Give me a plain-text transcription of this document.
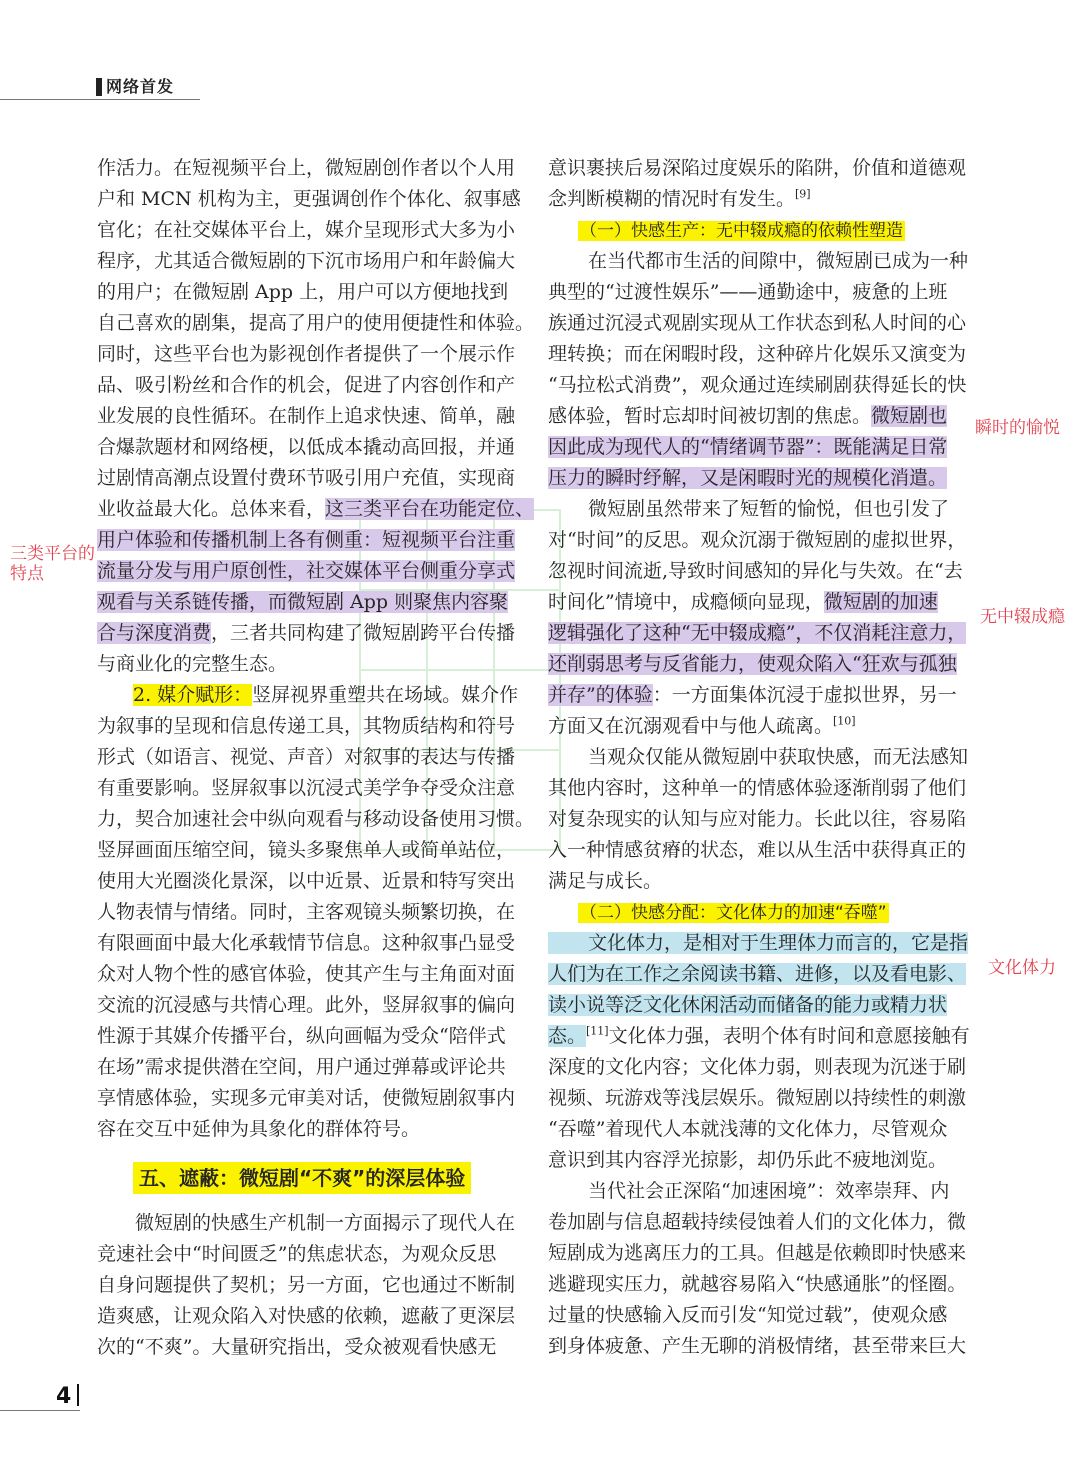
网络首发
作活力。在短视频平台上，微短剧创作者以个人用
户和 MCN 机构为主，更强调创作个体化、叙事感
官化；在社交媒体平台上，媒介呈现形式大多为小
程序，尤其适合微短剧的下沉市场用户和年龄偏大
的用户；在微短剧 App 上，用户可以方便地找到
自己喜欢的剧集，提高了用户的使用便捷性和体验。
同时，这些平台也为影视创作者提供了一个展示作
品、吸引粉丝和合作的机会，促进了内容创作和产
业发展的良性循环。在制作上追求快速、简单，融
合爆款题材和网络梗，以低成本撬动高回报，并通
过剧情高潮点设置付费环节吸引用户充值，实现商
业收益最大化。总体来看，这三类平台在功能定位、
用户体验和传播机制上各有侧重：短视频平台注重
流量分发与用户原创性，社交媒体平台侧重分享式
观看与关系链传播，而微短剧 App 则聚焦内容聚
合与深度消费，三者共同构建了微短剧跨平台传播
与商业化的完整生态。
2. 媒介赋形：竖屏视界重塑共在场域。媒介作
为叙事的呈现和信息传递工具，其物质结构和符号
形式（如语言、视觉、声音）对叙事的表达与传播
有重要影响。竖屏叙事以沉浸式美学争夺受众注意
力，契合加速社会中纵向观看与移动设备使用习惯。
竖屏画面压缩空间，镜头多聚焦单人或简单站位，
使用大光圈淡化景深，以中近景、近景和特写突出
人物表情与情绪。同时，主客观镜头频繁切换，在
有限画面中最大化承载情节信息。这种叙事凸显受
众对人物个性的感官体验，使其产生与主角面对面
交流的沉浸感与共情心理。此外，竖屏叙事的偏向
性源于其媒介传播平台，纵向画幅为受众“陪伴式
在场”需求提供潜在空间，用户通过弹幕或评论共
享情感体验，实现多元审美对话，使微短剧叙事内
容在交互中延伸为具象化的群体符号。
微短剧的快感生产机制一方面揭示了现代人在
竞速社会中“时间匮乏”的焦虑状态，为观众反思
自身问题提供了契机；另一方面，它也通过不断制
造爽感，让观众陷入对快感的依赖，遮蔽了更深层
次的“不爽”。大量研究指出，受众被观看快感无
五、遮蔽：微短剧“不爽”的深层体验
意识裹挟后易深陷过度娱乐的陷阱，价值和道德观
念判断模糊的情况时有发生。[9]
（一）快感生产：无中辍成瘾的依赖性塑造
在当代都市生活的间隙中，微短剧已成为一种
典型的“过渡性娱乐”——通勤途中，疲惫的上班
族通过沉浸式观剧实现从工作状态到私人时间的心
理转换；而在闲暇时段，这种碎片化娱乐又演变为
“马拉松式消费”，观众通过连续刷剧获得延长的快
感体验，暂时忘却时间被切割的焦虑。微短剧也
因此成为现代人的“情绪调节器”：既能满足日常
压力的瞬时纾解，又是闲暇时光的规模化消遣。
微短剧虽然带来了短暂的愉悦，但也引发了
对“时间”的反思。观众沉溺于微短剧的虚拟世界，
忽视时间流逝,导致时间感知的异化与失效。在“去
时间化”情境中，成瘾倾向显现，微短剧的加速
逻辑强化了这种“无中辍成瘾”，不仅消耗注意力，
还削弱思考与反省能力，使观众陷入“狂欢与孤独
并存”的体验：一方面集体沉浸于虚拟世界，另一
方面又在沉溺观看中与他人疏离。[10]
当观众仅能从微短剧中获取快感，而无法感知
其他内容时，这种单一的情感体验逐渐削弱了他们
对复杂现实的认知与应对能力。长此以往，容易陷
入一种情感贫瘠的状态，难以从生活中获得真正的
满足与成长。
（二）快感分配：文化体力的加速“吞噬”
文化体力，是相对于生理体力而言的，它是指
人们为在工作之余阅读书籍、进修，以及看电影、
读小说等泛文化休闲活动而储备的能力或精力状
态。[11]文化体力强，表明个体有时间和意愿接触有
深度的文化内容；文化体力弱，则表现为沉迷于刷
视频、玩游戏等浅层娱乐。微短剧以持续性的刺激
“吞噬”着现代人本就浅薄的文化体力，尽管观众
意识到其内容浮光掠影，却仍乐此不疲地浏览。
当代社会正深陷“加速困境”：效率崇拜、内
卷加剧与信息超载持续侵蚀着人们的文化体力，微
短剧成为逃离压力的工具。但越是依赖即时快感来
逃避现实压力，就越容易陷入“快感通胀”的怪圈。
过量的快感输入反而引发“知觉过载”，使观众感
到身体疲惫、产生无聊的消极情绪，甚至带来巨大
三类平台的
特点
瞬时的愉悦
无中辍成瘾
文化体力
4
